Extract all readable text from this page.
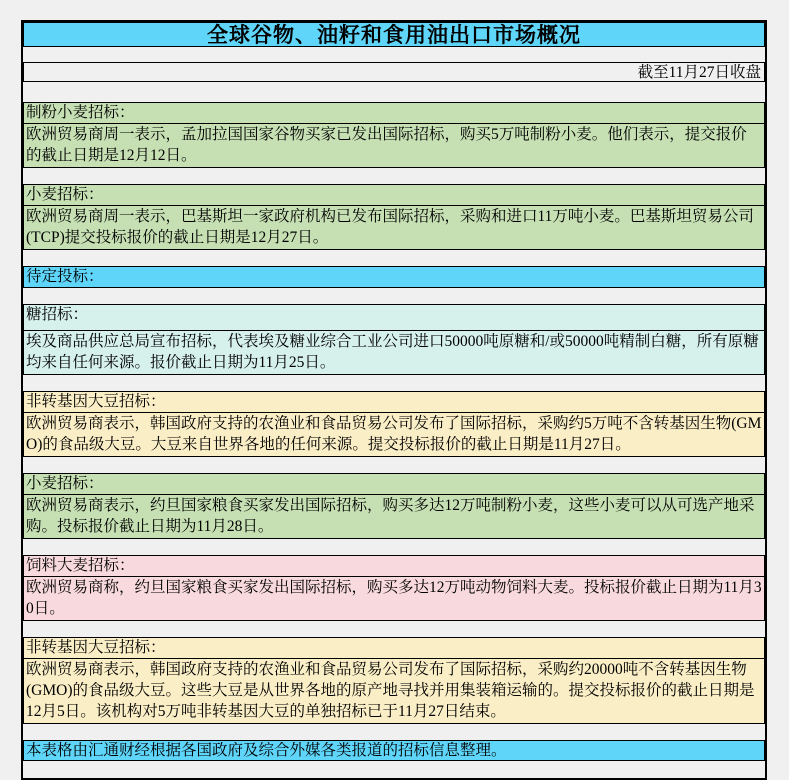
全球谷物、油籽和食用油出口市场概况
截至11月27日收盘
制粉小麦招标：
欧洲贸易商周一表示，孟加拉国国家谷物买家已发出国际招标，购买5万吨制粉小麦。他们表示，提交报价的截止日期是12月12日。
小麦招标：
欧洲贸易商周一表示，巴基斯坦一家政府机构已发布国际招标，采购和进口11万吨小麦。巴基斯坦贸易公司(TCP)提交投标报价的截止日期是12月27日。
待定投标：
糖招标：
埃及商品供应总局宣布招标，代表埃及糖业综合工业公司进口50000吨原糖和/或50000吨精制白糖，所有原糖均来自任何来源。报价截止日期为11月25日。
非转基因大豆招标：
欧洲贸易商表示，韩国政府支持的农渔业和食品贸易公司发布了国际招标，采购约5万吨不含转基因生物(GMO)的食品级大豆。大豆来自世界各地的任何来源。提交投标报价的截止日期是11月27日。
小麦招标：
欧洲贸易商表示，约旦国家粮食买家发出国际招标，购买多达12万吨制粉小麦，这些小麦可以从可选产地采购。投标报价截止日期为11月28日。
饲料大麦招标：
欧洲贸易商称，约旦国家粮食买家发出国际招标，购买多达12万吨动物饲料大麦。投标报价截止日期为11月30日。
非转基因大豆招标：
欧洲贸易商表示，韩国政府支持的农渔业和食品贸易公司发布了国际招标，采购约20000吨不含转基因生物(GMO)的食品级大豆。这些大豆是从世界各地的原产地寻找并用集装箱运输的。提交投标报价的截止日期是12月5日。该机构对5万吨非转基因大豆的单独招标已于11月27日结束。
本表格由汇通财经根据各国政府及综合外媒各类报道的招标信息整理。
